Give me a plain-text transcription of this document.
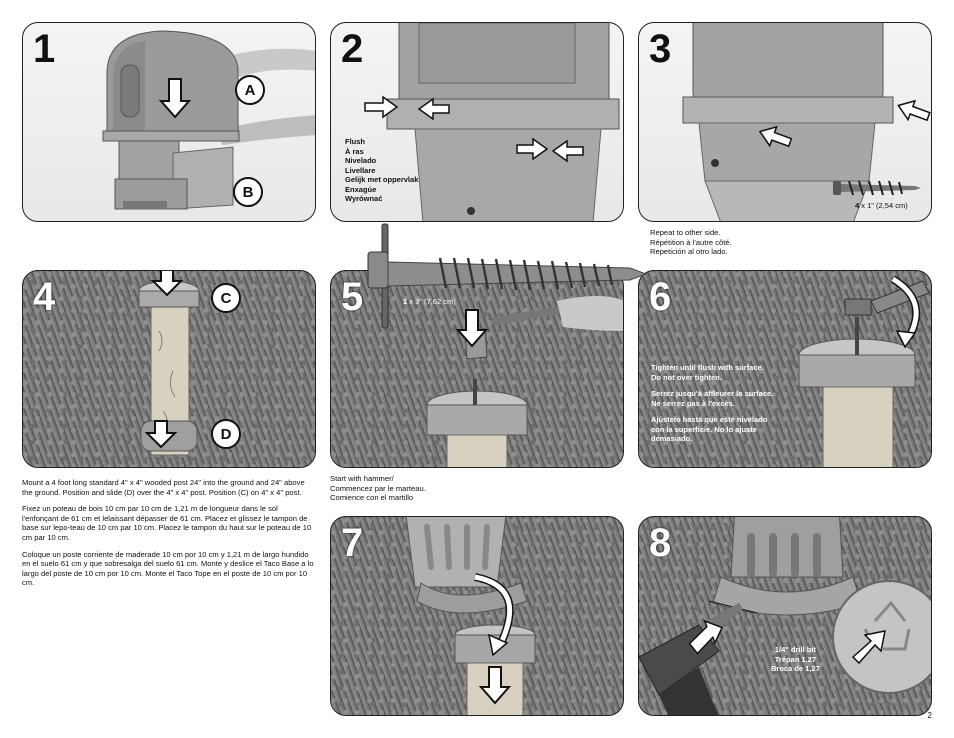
1
A
B
2
Flush
À ras
Nivelado
Livellare
Gelijk met oppervlak
Enxagúe
Wyrównać
3
4 x 1" (2,54 cm)
Repeat to other side.
Répétition à l'autre côté.
Repetición al otro lado.
4	C
D
Mount a 4 foot long standard 4" x 4" wooded post 24" into the ground and 24" above the ground. Position and slide (D) over the 4" x 4" post. Position (C) on 4" x 4" post.
Fixez un poteau de bois 10 cm par 10 cm de 1,21 m de longueur dans le sol l'enfonçant de 61 cm et lelaissant dépasser de 61 cm. Placez et glissez le tampon de base sur lepo-teau de 10 cm par 10 cm. Placez le tampon du haut sur le poteau de 10 cm par 10 cm.
Coloque un poste corriente de maderade 10 cm por 10 cm y 1,21 m de largo hundido en el suelo 61 cm y que sobresalga del suelo 61 cm. Monte y deslice el Taco Base a lo largo del poste de 10 cm por 10 cm. Monte el Taco Tope en el poste de 10 cm por 10 cm.
5	1 x 3" (7,62 cm)
Start with hammer/
Commencez par le marteau.
Comience con el martillo
6
Tighten until flush with surface.
Do not over tighten.
Serrez jusqu'à affleurer la surface.
Ne serrez pas à l'excès.
Ajústelo hasta que esté nivelado
con la superficie. No lo ajuste
demasiado.
7	8
1/4" drill bit
Trépan 1,27
Broca de 1,27
2
